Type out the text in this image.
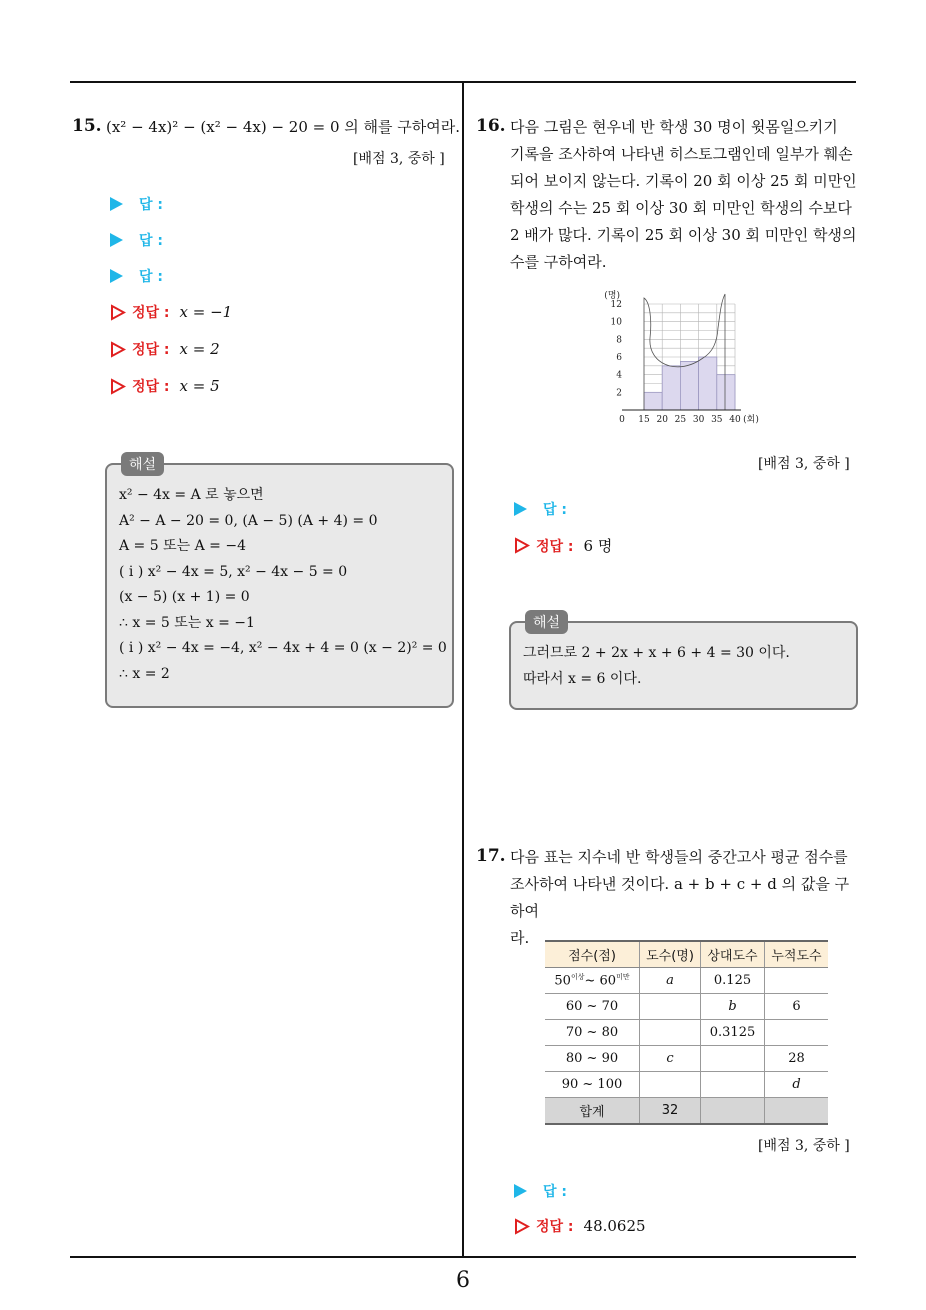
15. (x² − 4x)² − (x² − 4x) − 20 = 0 의 해를 구하여라.
[배점 3, 중하 ]
답 :
답 :
답 :
정답 : x = −1
정답 : x = 2
정답 : x = 5
해설
x² − 4x = A 로 놓으면
A² − A − 20 = 0, (A − 5) (A + 4) = 0
A = 5 또는 A = −4
( i ) x² − 4x = 5, x² − 4x − 5 = 0
(x − 5) (x + 1) = 0
∴ x = 5 또는 x = −1
( i ) x² − 4x = −4, x² − 4x + 4 = 0 (x − 2)² = 0
∴ x = 2
16. 다음 그림은 현우네 반 학생 30 명이 윗몸일으키기
기록을 조사하여 나타낸 히스토그램인데 일부가 훼손
되어 보이지 않는다. 기록이 20 회 이상 25 회 미만인
학생의 수는 25 회 이상 30 회 미만인 학생의 수보다
2 배가 많다. 기록이 25 회 이상 30 회 미만인 학생의
수를 구하여라.
2
4
6
8
10
12
(명)
0 15 20 25 30 35 40 (회)
[배점 3, 중하 ]
답 :
정답 : 6 명
해설
그러므로 2 + 2x + x + 6 + 4 = 30 이다.
따라서 x = 6 이다.
17. 다음 표는 지수네 반 학생들의 중간고사 평균 점수를
조사하여 나타낸 것이다. a + b + c + d 의 값을 구하여
라.
점수(점)	도수(명)	상대도수	누적도수
$50^{이상}\sim$ $60^{미만}$	a	0.125	
60 ~ 70		b	6
70 ~ 80		0.3125	
80 ~ 90	c		28
90 ~ 100			d
합계	32		
[배점 3, 중하 ]
답 :
정답 : 48.0625
6
